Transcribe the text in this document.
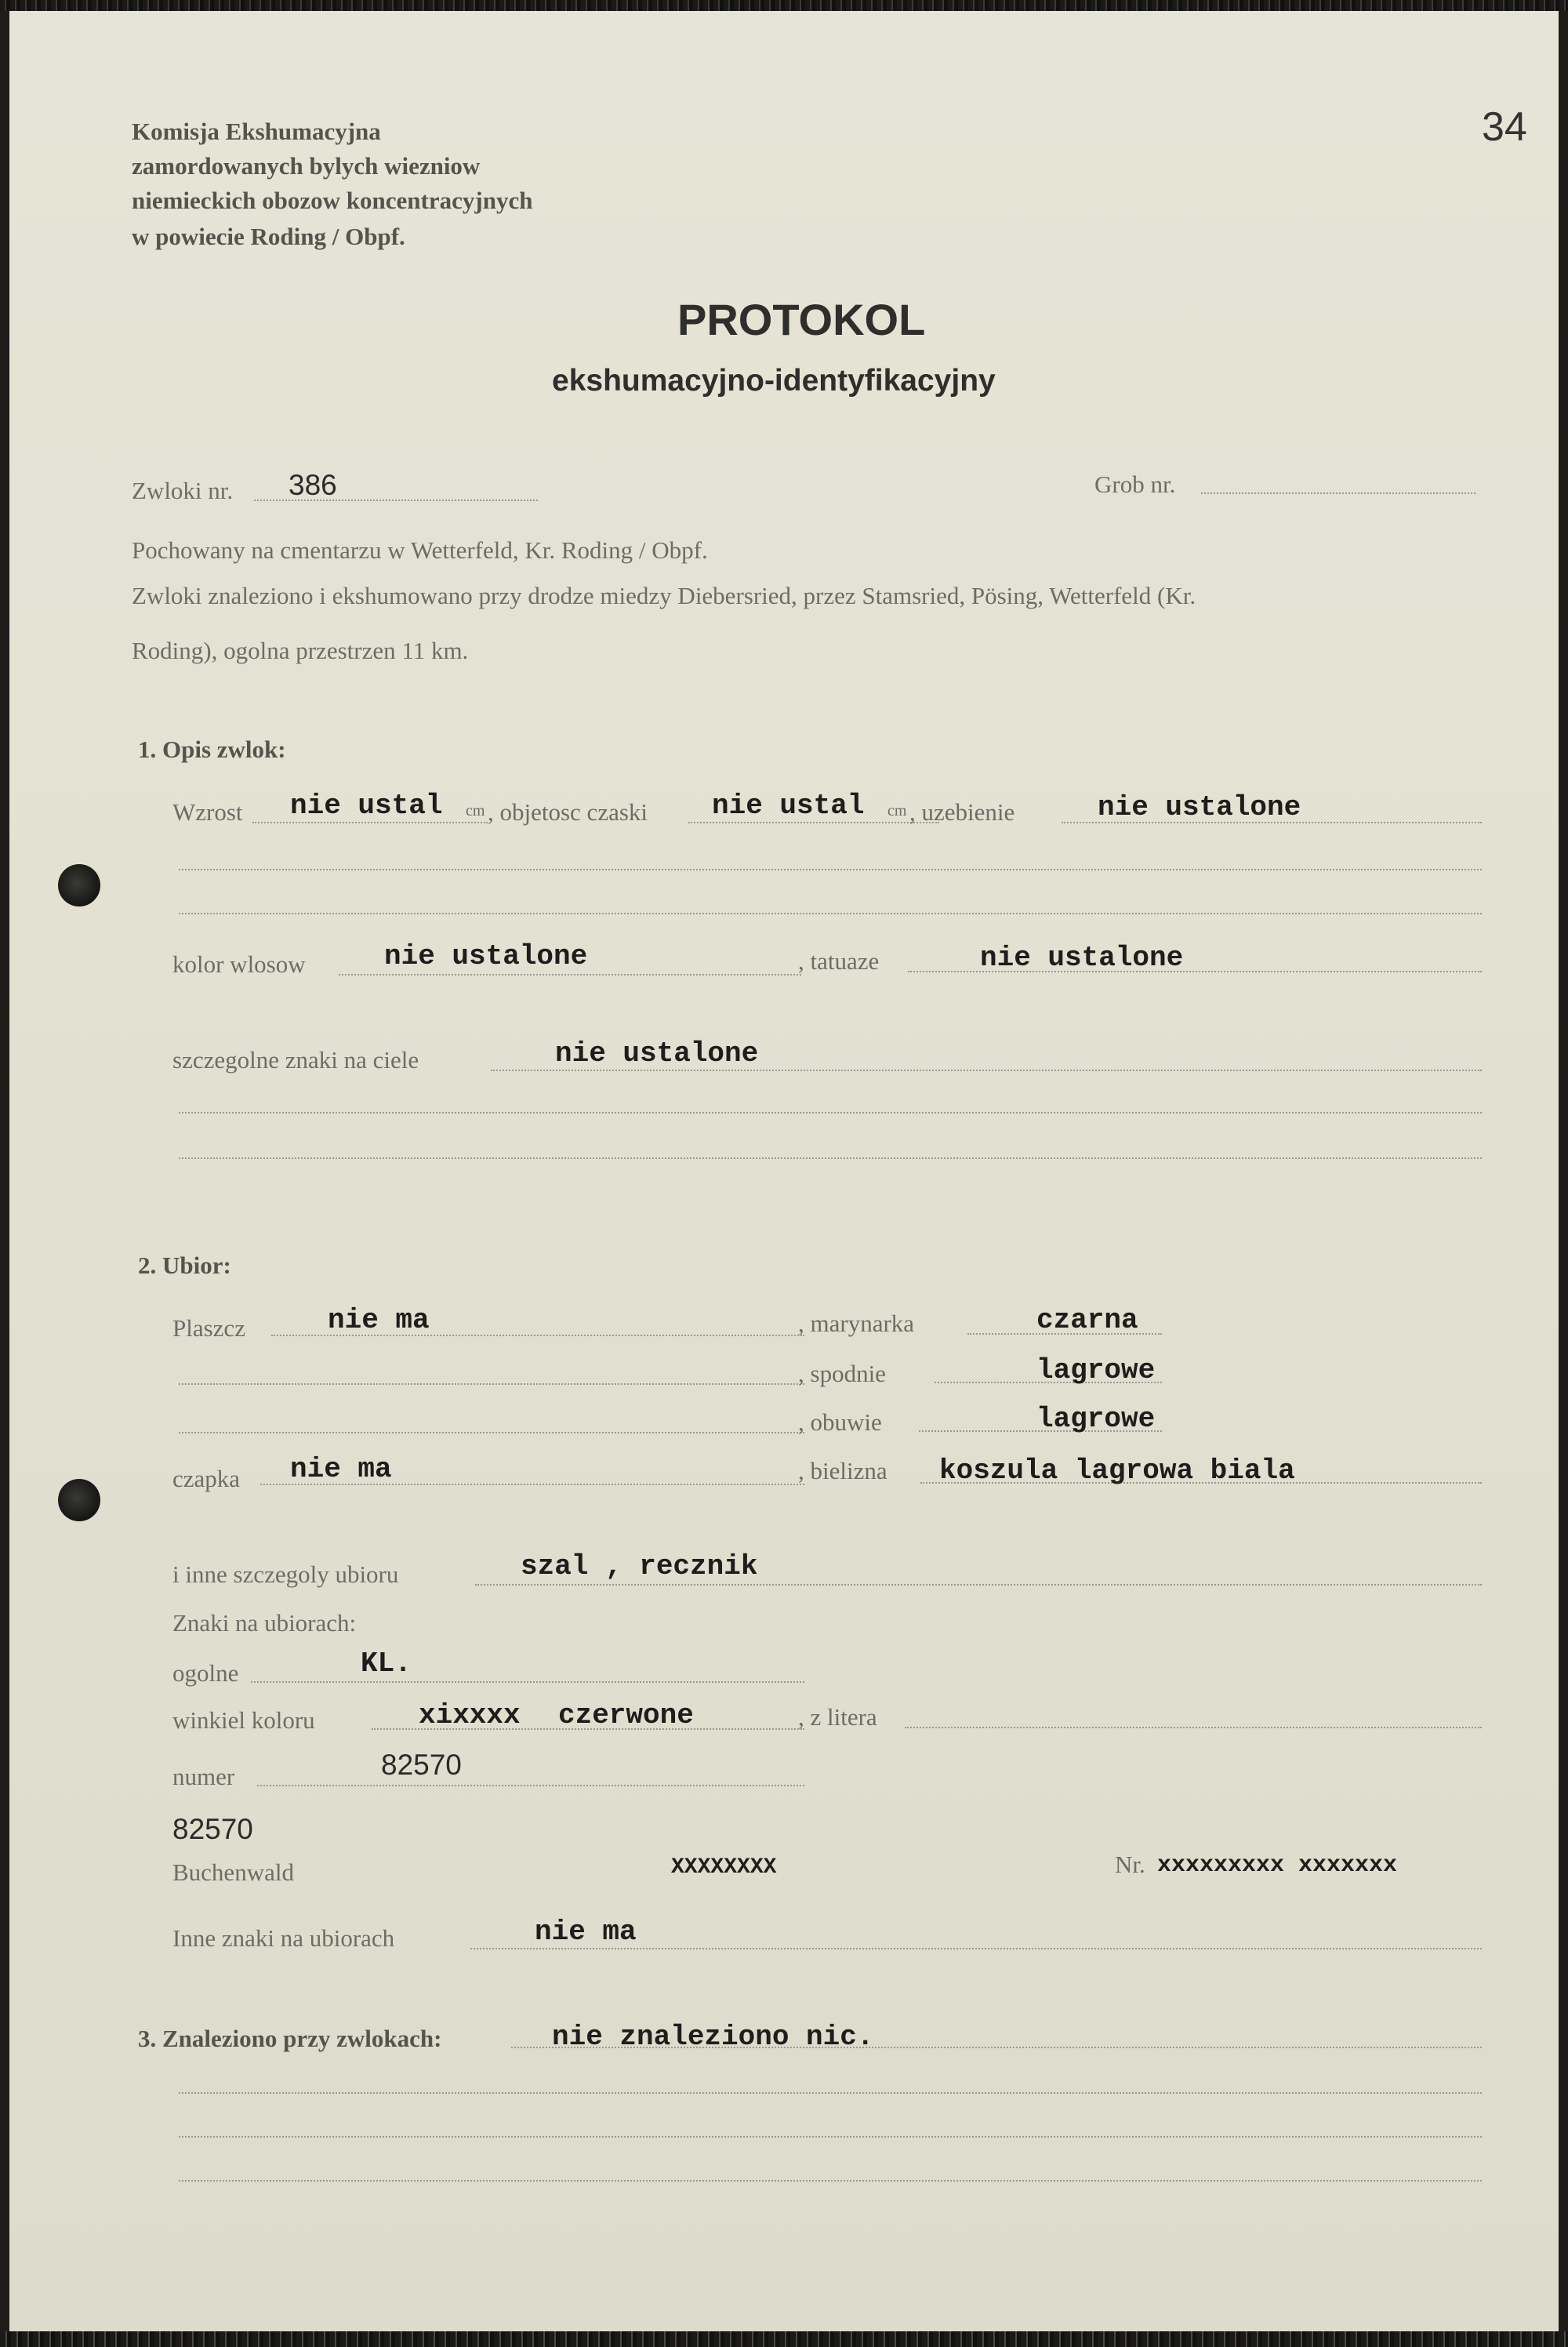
34
Komisja Ekshumacyjna
zamordowanych bylych wiezniow
niemieckich obozow koncentracyjnych
w powiecie Roding / Obpf.
PROTOKOL
ekshumacyjno-identyfikacyjny
Zwloki nr. 386	Grob nr.
Pochowany na cmentarzu w Wetterfeld, Kr. Roding / Obpf.
Zwloki znaleziono i ekshumowano przy drodze miedzy Diebersried, przez Stamsried, Pösing, Wetterfeld (Kr.
Roding), ogolna przestrzen 11 km.
1. Opis zwlok:
Wzrost nie ustal cm , objetosc czaski nie ustal cm , uzebienie	nie ustalone
kolor wlosow	nie ustalone	, tatuaze	nie ustalone
szczegolne znaki na ciele	nie ustalone
2. Ubior:
Plaszcz	nie ma	, marynarka	czarna
, spodnie	lagrowe
, obuwie	lagrowe
czapka nie ma	, bielizna koszula lagrowa biala
i inne szczegoly ubioru	szal , recznik
Znaki na ubiorach:
ogolne	KL.
winkiel koloru	xixxxx czerwone	, z litera
numer	82570
82570
Buchenwald	XXXXXXXX	Nr. xxxxxxxxx xxxxxxx
Inne znaki na ubiorach	nie ma
3. Znaleziono przy zwlokach:	nie znaleziono nic.
